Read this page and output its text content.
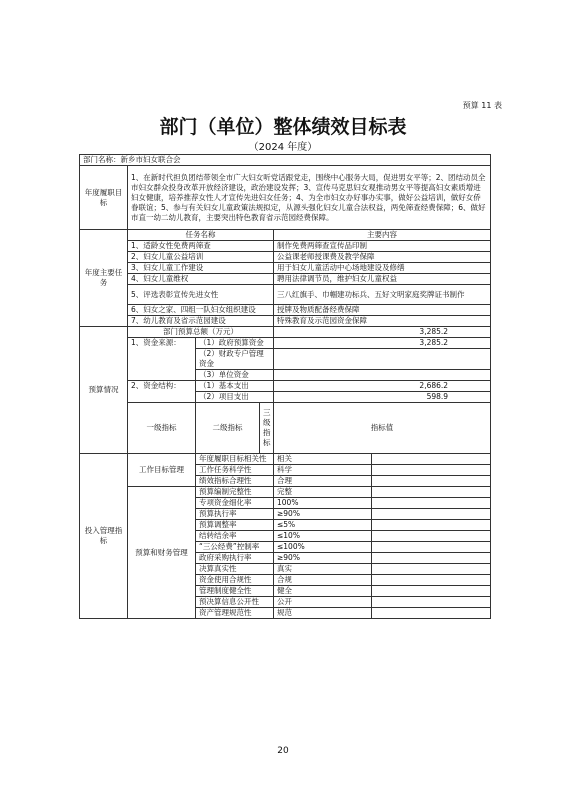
预算 11 表
部门（单位）整体绩效目标表
（2024 年度）
部门名称：新乡市妇女联合会						
年度履职目标	1、在新时代担负团结带领全市广大妇女听党话跟党走，围绕中心服务大局，促进男女平等；2、团结动员全市妇女群众投身改革开放经济建设，政治建设发挥；3、宣传马克思妇女观推动男女平等提高妇女素质增进妇女健康，培养推荐女性人才宣传先进妇女任务；4、为全市妇女办好事办实事，做好公益培训，做好女侨眷联谊；5、参与有关妇女儿童政策法规拟定，从源头强化妇女儿童合法权益，两免筛查经费保障；6、做好市直一幼二幼儿教育，主要突出特色教育省示范园经费保障。					
年度主要任务	任务名称			主要内容		
	1、适龄女性免费两筛查			制作免费两筛查宣传品印制		
	2、妇女儿童公益培训			公益课老师授课费及教学保障		
	3、妇女儿童工作建设			用于妇女儿童活动中心场地建设及修缮		
	4、妇女儿童维权			聘用法律调节员，维护妇女儿童权益		
	5、评选表彰宣传先进女性			三八红旗手、巾帼建功标兵、五好文明家庭奖牌证书制作		
	6、妇女之家、四组一队妇女组织建设			授牌及物质配备经费保障		
	7、幼儿教育及省示范园建设			特殊教育及示范园资金保障		
预算情况	部门预算总额（万元）			3,285.2		
	1、资金来源：	（1）政府预算资金		3,285.2		
		（2）财政专户管理资金				
		（3）单位资金				
	2、资金结构：	（1）基本支出		2,686.2		
		（2）项目支出		598.9		
	一级指标	二级指标	三级指标	指标值	
投入管理指标	工作目标管理	年度履职目标相关性		相关		
		工作任务科学性		科学		
		绩效指标合理性		合理		
	预算和财务管理	预算编制完整性		完整		
		专项资金细化率		100%		
		预算执行率		≥90%		
		预算调整率		≤5%		
		结转结余率		≤10%		
		“三公经费”控制率		≤100%		
		政府采购执行率		≥90%		
		决算真实性		真实		
		资金使用合规性		合规		
		管理制度健全性		健全		
		预决算信息公开性		公开		
		资产管理规范性		规范		
20
